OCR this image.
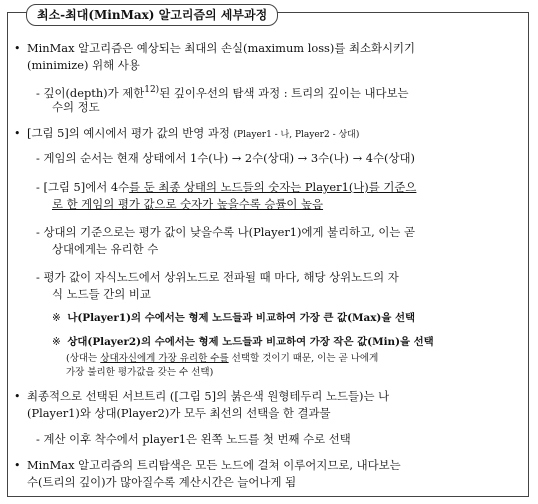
최소-최대(MinMax) 알고리즘의 세부과정
• MinMax 알고리즘은 예상되는 최대의 손실(maximum loss)를 최소화시키기
(minimize) 위해 사용
- 깊이(depth)가 제한$^{12)}$된 깊이우선의 탐색 과정 : 트리의 깊이는 내다보는
수의 정도
• [그림 5]의 예시에서 평가 값의 반영 과정 (Player1 - 나, Player2 - 상대)
- 게임의 순서는 현재 상태에서 1수(나) → 2수(상대) → 3수(나) → 4수(상대)
- [그림 5]에서 4수를 둔 최종 상태의 노드들의 숫자는 Player1(나)를 기준으
로 한 게임의 평가 값으로 숫자가 높을수록 승률이 높음
- 상대의 기준으로는 평가 값이 낮을수록 나(Player1)에게 불리하고, 이는 곧
상대에게는 유리한 수
- 평가 값이 자식노드에서 상위노드로 전파될 때 마다, 해당 상위노드의 자
식 노드들 간의 비교
※ 나(Player1)의 수에서는 형제 노드들과 비교하여 가장 큰 값(Max)을 선택
※ 상대(Player2)의 수에서는 형제 노드들과 비교하여 가장 작은 값(Min)을 선택
(상대는 상대자신에게 가장 유리한 수를 선택할 것이기 때문, 이는 곧 나에게
가장 불리한 평가값을 갖는 수 선택)
• 최종적으로 선택된 서브트리 ([그림 5]의 붉은색 원형테두리 노드들)는 나
(Player1)와 상대(Player2)가 모두 최선의 선택을 한 결과물
- 계산 이후 착수에서 player1은 왼쪽 노드를 첫 번째 수로 선택
• MinMax 알고리즘의 트리탐색은 모든 노드에 걸쳐 이루어지므로, 내다보는
수(트리의 깊이)가 많아질수록 계산시간은 늘어나게 됨
